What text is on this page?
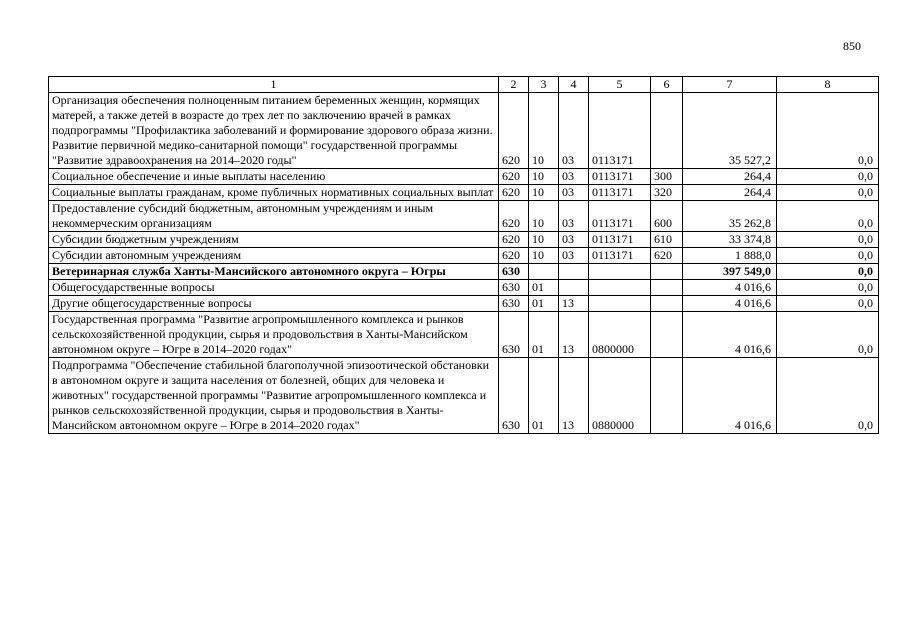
850
1	2	3	4	5	6	7	8
Организация обеспечения полноценным питанием беременных женщин, кормящих матерей, а также детей в возрасте до трех лет по заключению врачей в рамках подпрограммы "Профилактика заболеваний и формирование здорового образа жизни. Развитие первичной медико-санитарной помощи" государственной программы "Развитие здравоохранения на 2014–2020 годы"	620	10	03	0113171		35 527,2	0,0
Социальное обеспечение и иные выплаты населению	620	10	03	0113171	300	264,4	0,0
Социальные выплаты гражданам, кроме публичных нормативных социальных выплат	620	10	03	0113171	320	264,4	0,0
Предоставление субсидий бюджетным, автономным учреждениям и иным некоммерческим организациям	620	10	03	0113171	600	35 262,8	0,0
Субсидии бюджетным учреждениям	620	10	03	0113171	610	33 374,8	0,0
Субсидии автономным учреждениям	620	10	03	0113171	620	1 888,0	0,0
Ветеринарная служба Ханты-Мансийского автономного округа – Югры	630					397 549,0	0,0
Общегосударственные вопросы	630	01				4 016,6	0,0
Другие общегосударственные вопросы	630	01	13			4 016,6	0,0
Государственная программа "Развитие агропромышленного комплекса и рынков сельскохозяйственной продукции, сырья и продовольствия в Ханты-Мансийском автономном округе – Югре в 2014–2020 годах"	630	01	13	0800000		4 016,6	0,0
Подпрограмма "Обеспечение стабильной благополучной эпизоотической обстановки в автономном округе и защита населения от болезней, общих для человека и животных" государственной программы "Развитие агропромышленного комплекса и рынков сельскохозяйственной продукции, сырья и продовольствия в Ханты-Мансийском автономном округе – Югре в 2014–2020 годах"	630	01	13	0880000		4 016,6	0,0
